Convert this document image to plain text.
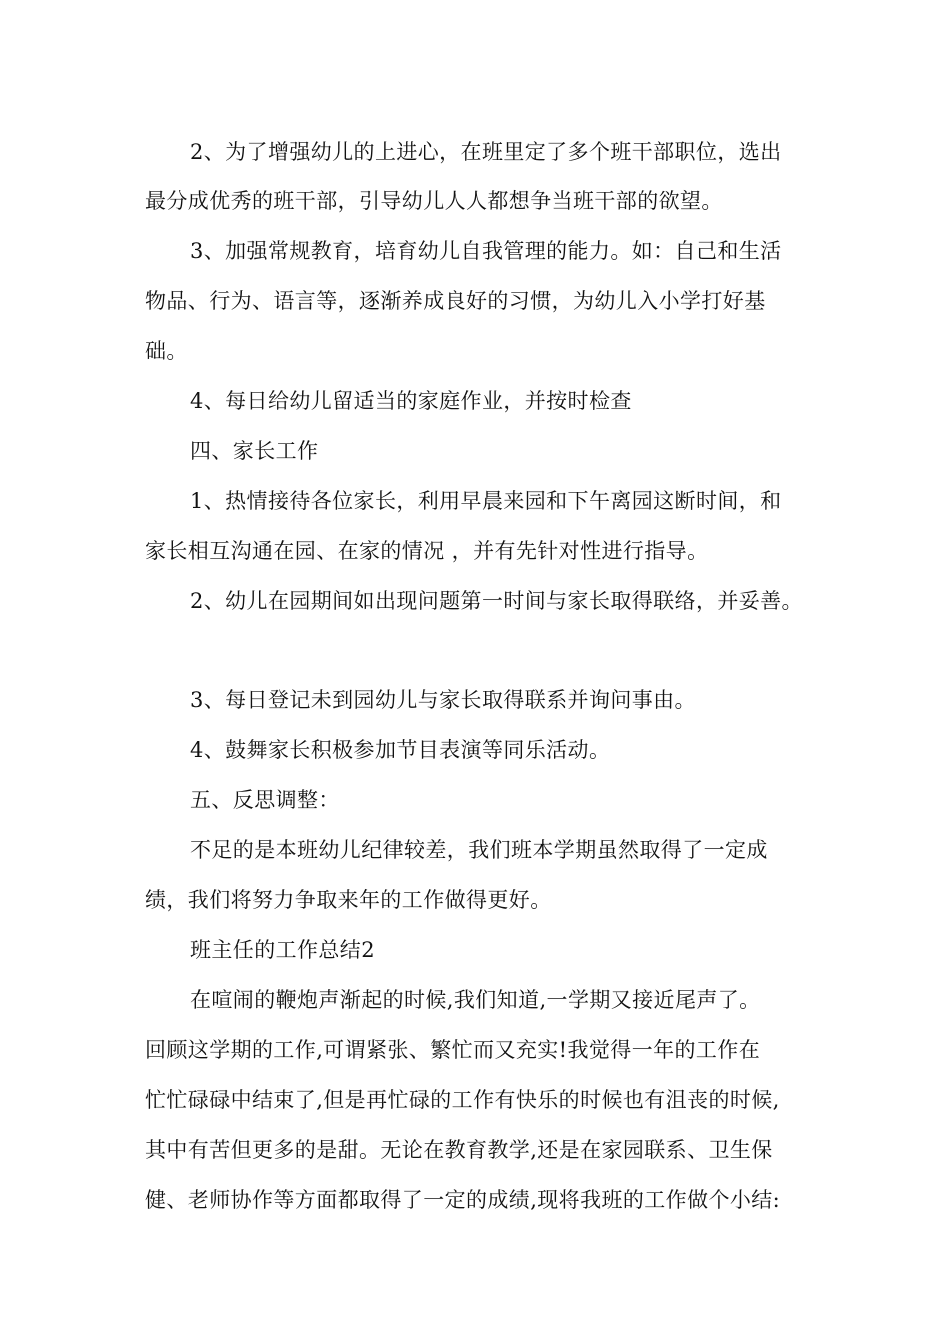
2、为了增强幼儿的上进心，在班里定了多个班干部职位，选出
最分成优秀的班干部，引导幼儿人人都想争当班干部的欲望。
3、加强常规教育，培育幼儿自我管理的能力。如：自己和生活
物品、行为、语言等，逐渐养成良好的习惯，为幼儿入小学打好基
础。
4、每日给幼儿留适当的家庭作业，并按时检查
四、家长工作
1、热情接待各位家长，利用早晨来园和下午离园这断时间，和
家长相互沟通在园、在家的情况 ，并有先针对性进行指导。
2、幼儿在园期间如出现问题第一时间与家长取得联络，并妥善。
3、每日登记未到园幼儿与家长取得联系并询问事由。
4、鼓舞家长积极参加节目表演等同乐活动。
五、反思调整：
不足的是本班幼儿纪律较差，我们班本学期虽然取得了一定成
绩，我们将努力争取来年的工作做得更好。
班主任的工作总结2
在喧闹的鞭炮声渐起的时候,我们知道,一学期又接近尾声了。
回顾这学期的工作,可谓紧张、繁忙而又充实!我觉得一年的工作在
忙忙碌碌中结束了,但是再忙碌的工作有快乐的时候也有沮丧的时候,
其中有苦但更多的是甜。无论在教育教学,还是在家园联系、卫生保
健、老师协作等方面都取得了一定的成绩,现将我班的工作做个小结:
